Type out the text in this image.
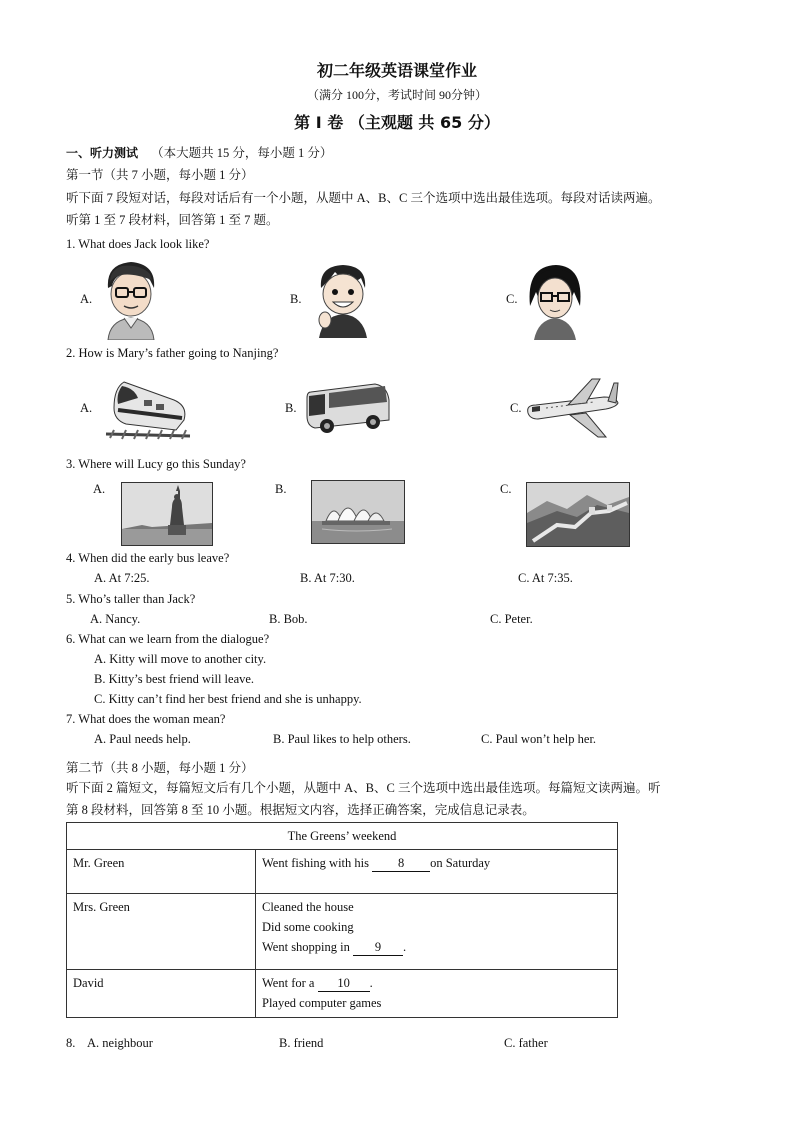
初二年级英语课堂作业
（满分 100分，考试时间 90分钟）
第 I 卷 （主观题 共 65 分）
一、听力测试 （本大题共 15 分，每小题 1 分）
第一节（共 7 小题，每小题 1 分）
听下面 7 段短对话，每段对话后有一个小题，从题中 A、B、C 三个选项中选出最佳选项。每段对话读两遍。
听第 1 至 7 段材料，回答第 1 至 7 题。
1. What does Jack look like?
A.	B.	C.
2. How is Mary’s father going to Nanjing?
A.	B.	C.
3. Where will Lucy go this Sunday?
A.	B.	C.
4. When did the early bus leave?
A. At 7:25.	B. At 7:30.	C. At 7:35.
5. Who’s taller than Jack?
A. Nancy.	B. Bob.	C. Peter.
6. What can we learn from the dialogue?
A. Kitty will move to another city.
B. Kitty’s best friend will leave.
C. Kitty can’t find her best friend and she is unhappy.
7. What does the woman mean?
A. Paul needs help.	B. Paul likes to help others.	C. Paul won’t help her.
第二节（共 8 小题，每小题 1 分）
听下面 2 篇短文，每篇短文后有几个小题，从题中 A、B、C 三个选项中选出最佳选项。每篇短文读两遍。听
第 8 段材料，回答第 8 至 10 小题。根据短文内容，选择正确答案，完成信息记录表。
The Greens’ weekend	
Mr. Green	Went fishing with his 8 on Saturday
Mrs. Green	Cleaned the house
Did some cooking
Went shopping in 9 .

David	Went for a 10 .
Played computer games
8. A. neighbour	B. friend	C. father
